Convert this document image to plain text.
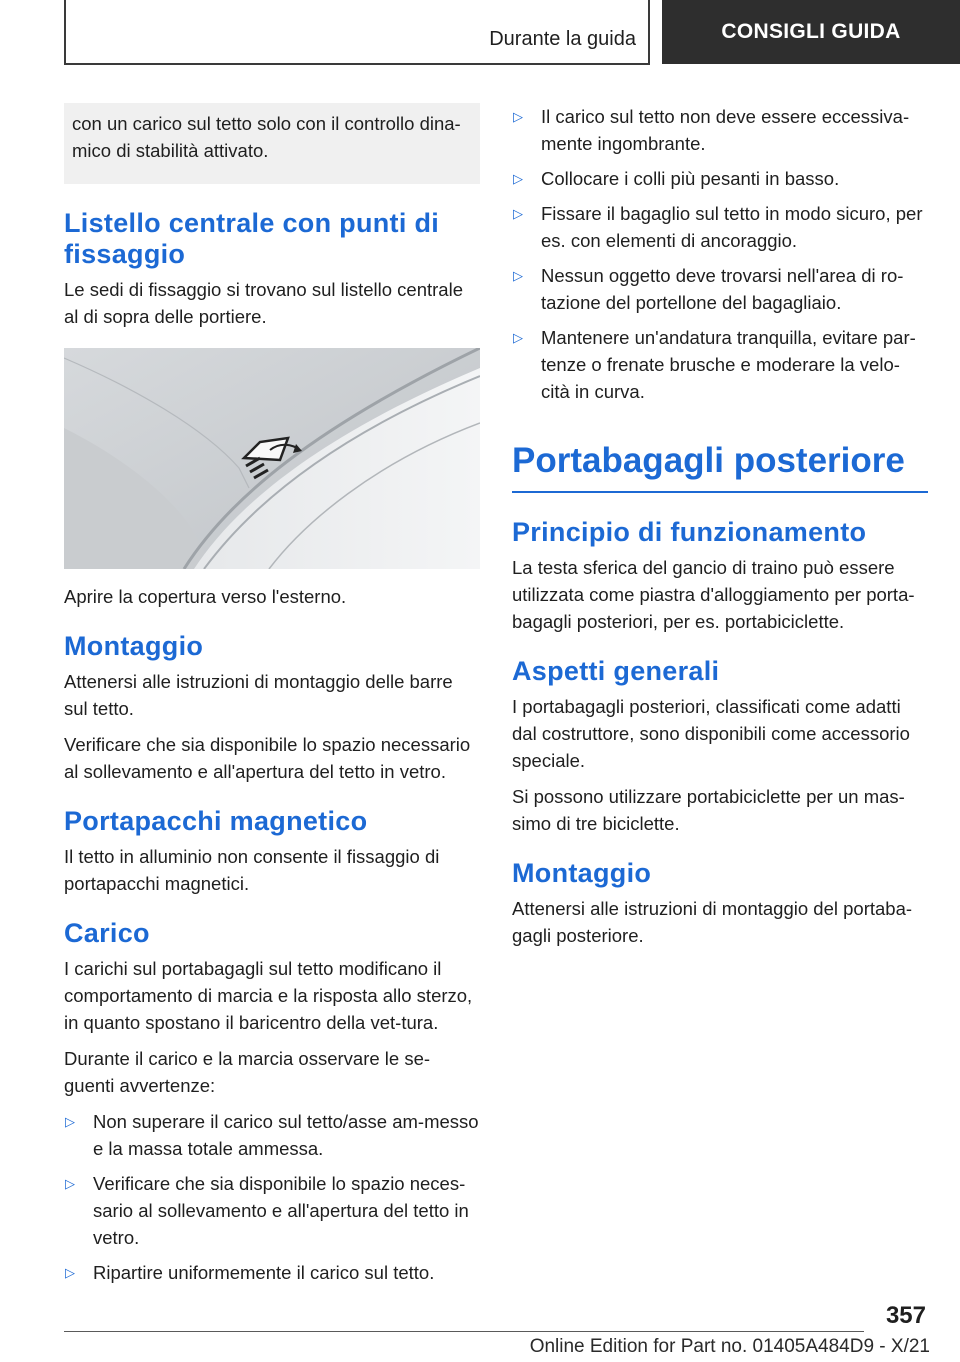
Durante la guida	CONSIGLI GUIDA
con un carico sul tetto solo con il controllo dina-mico di stabilità attivato.
Listello centrale con punti di fissaggio

Le sedi di fissaggio si trovano sul listello centrale al di sopra delle portiere.

Aprire la copertura verso l'esterno.

Montaggio

Attenersi alle istruzioni di montaggio delle barre sul tetto.

Verificare che sia disponibile lo spazio necessario al sollevamento e all'apertura del tetto in vetro.

Portapacchi magnetico

Il tetto in alluminio non consente il fissaggio di portapacchi magnetici.

Carico

I carichi sul portabagagli sul tetto modificano il comportamento di marcia e la risposta allo sterzo, in quanto spostano il baricentro della vet-tura.

Durante il carico e la marcia osservare le se-guenti avvertenze:

▷ Non superare il carico sul tetto/asse am-messo e la massa totale ammessa.
▷ Verificare che sia disponibile lo spazio neces-sario al sollevamento e all'apertura del tetto in vetro.
▷ Ripartire uniformemente il carico sul tetto.
▷ Il carico sul tetto non deve essere eccessiva-mente ingombrante.
▷ Collocare i colli più pesanti in basso.
▷ Fissare il bagaglio sul tetto in modo sicuro, per es. con elementi di ancoraggio.
▷ Nessun oggetto deve trovarsi nell'area di ro-tazione del portellone del bagagliaio.
▷ Mantenere un'andatura tranquilla, evitare par-tenze o frenate brusche e moderare la velo-cità in curva.
Portabagagli posteriore
Principio di funzionamento

La testa sferica del gancio di traino può essere utilizzata come piastra d'alloggiamento per porta-bagagli posteriori, per es. portabiciclette.

Aspetti generali

I portabagagli posteriori, classificati come adatti dal costruttore, sono disponibili come accessorio speciale.

Si possono utilizzare portabiciclette per un mas-simo di tre biciclette.

Montaggio

Attenersi alle istruzioni di montaggio del portaba-gagli posteriore.

357
Online Edition for Part no. 01405A484D9 - X/21
